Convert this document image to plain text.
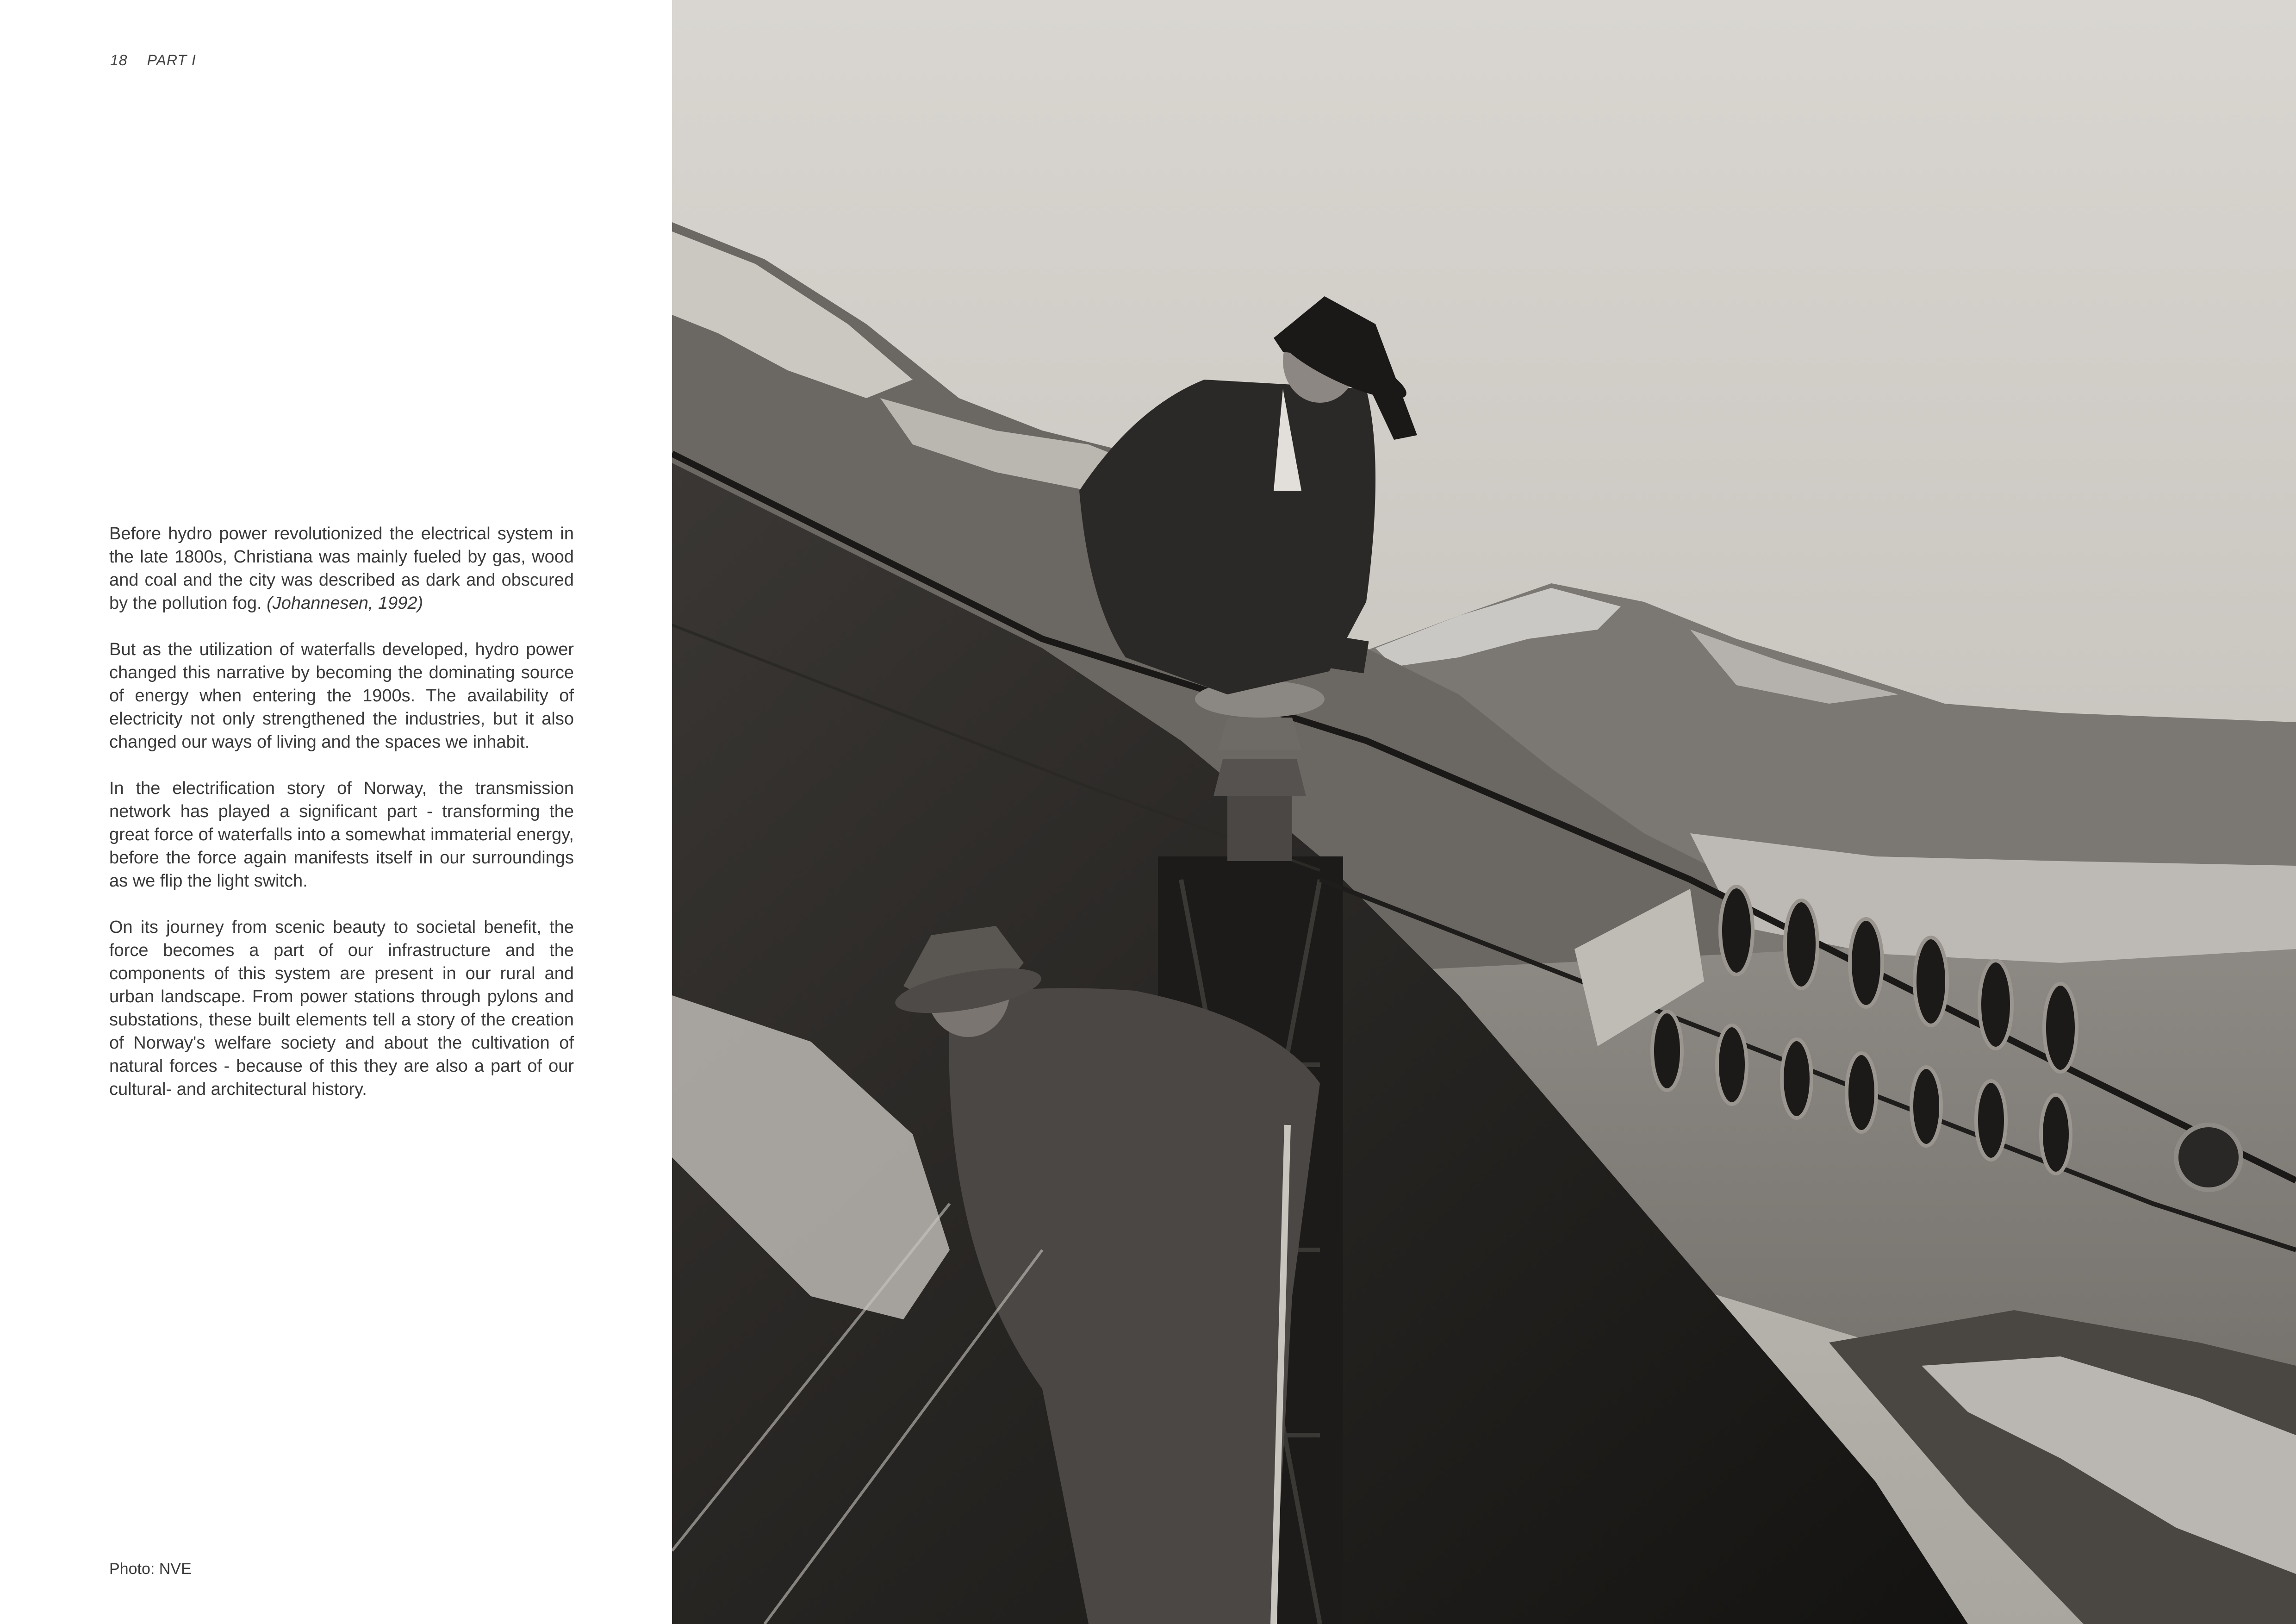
18 PART I

Before hydro power revolutionized the electrical system in the late 1800s, Christiana was mainly fueled by gas, wood and coal and the city was described as dark and obscured by the pollution fog. (Johannesen, 1992)

But as the utilization of waterfalls developed, hydro power changed this narrative by becoming the dominating source of energy when entering the 1900s. The availability of electricity not only strengthened the industries, but it also changed our ways of living and the spaces we inhabit.

In the electrification story of Norway, the transmission network has played a significant part - transforming the great force of waterfalls into a somewhat immaterial energy, before the force again manifests itself in our surroundings as we flip the light switch.

On its journey from scenic beauty to societal benefit, the force becomes a part of our infrastructure and the components of this system are present in our rural and urban landscape. From power stations through pylons and substations, these built elements tell a story of the creation of Norway's welfare society and about the cultivation of natural forces - because of this they are also a part of our cultural- and architectural history.

Photo: NVE
